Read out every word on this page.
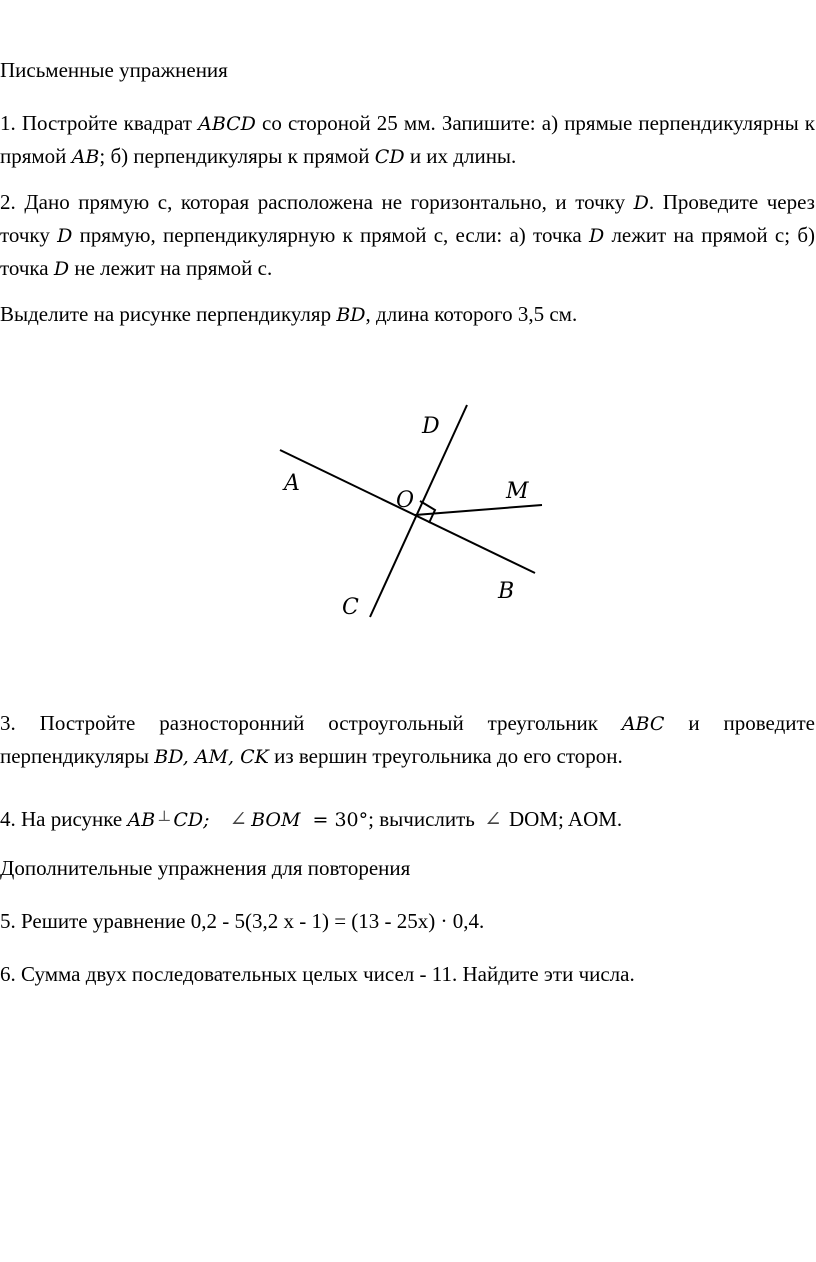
Письменные упражнения

1. Постройте квадрат ABCD со стороной 25 мм. Запишите: а) прямые перпендикулярны к прямой AB; б) перпендикуляры к прямой CD и их длины.

2. Дано прямую с, которая расположена не горизонтально, и точку D. Проведите через точку D прямую, перпендикулярную к прямой с, если: а) точка D лежит на прямой с; б) точка D не лежит на прямой с.

Выделите на рисунке перпендикуляр BD, длина которого 3,5 см.

D
A
O	M
B
C

3. Постройте разносторонний остроугольный треугольник ABC и проведите перпендикуляры BD, AM, CK из вершин треугольника до его сторон.

4. На рисунке AB ⊥ CD; ∠ BOM = 30°; вычислить ∠ DOM; AOM.

Дополнительные упражнения для повторения

5. Решите уравнение 0,2 - 5(3,2 x - 1) = (13 - 25x) · 0,4.

6. Сумма двух последовательных целых чисел - 11. Найдите эти числа.
